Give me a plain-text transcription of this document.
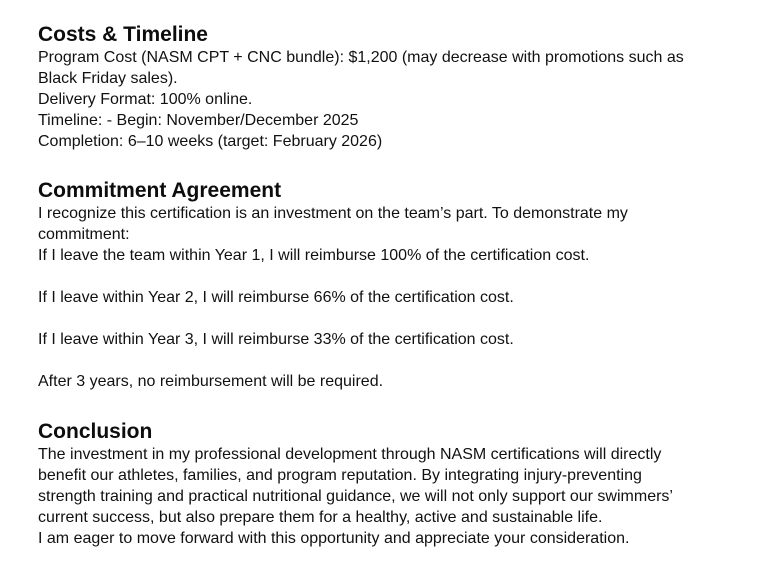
Costs & Timeline

Program Cost (NASM CPT + CNC bundle): $1,200 (may decrease with promotions such as

Black Friday sales).

Delivery Format: 100% online.

Timeline: - Begin: November/December 2025

Completion: 6–10 weeks (target: February 2026)

Commitment Agreement

I recognize this certification is an investment on the team’s part. To demonstrate my

commitment:

If I leave the team within Year 1, I will reimburse 100% of the certification cost.

If I leave within Year 2, I will reimburse 66% of the certification cost.

If I leave within Year 3, I will reimburse 33% of the certification cost.

After 3 years, no reimbursement will be required.

Conclusion

The investment in my professional development through NASM certifications will directly

benefit our athletes, families, and program reputation. By integrating injury-preventing

strength training and practical nutritional guidance, we will not only support our swimmers’

current success, but also prepare them for a healthy, active and sustainable life.

I am eager to move forward with this opportunity and appreciate your consideration.
